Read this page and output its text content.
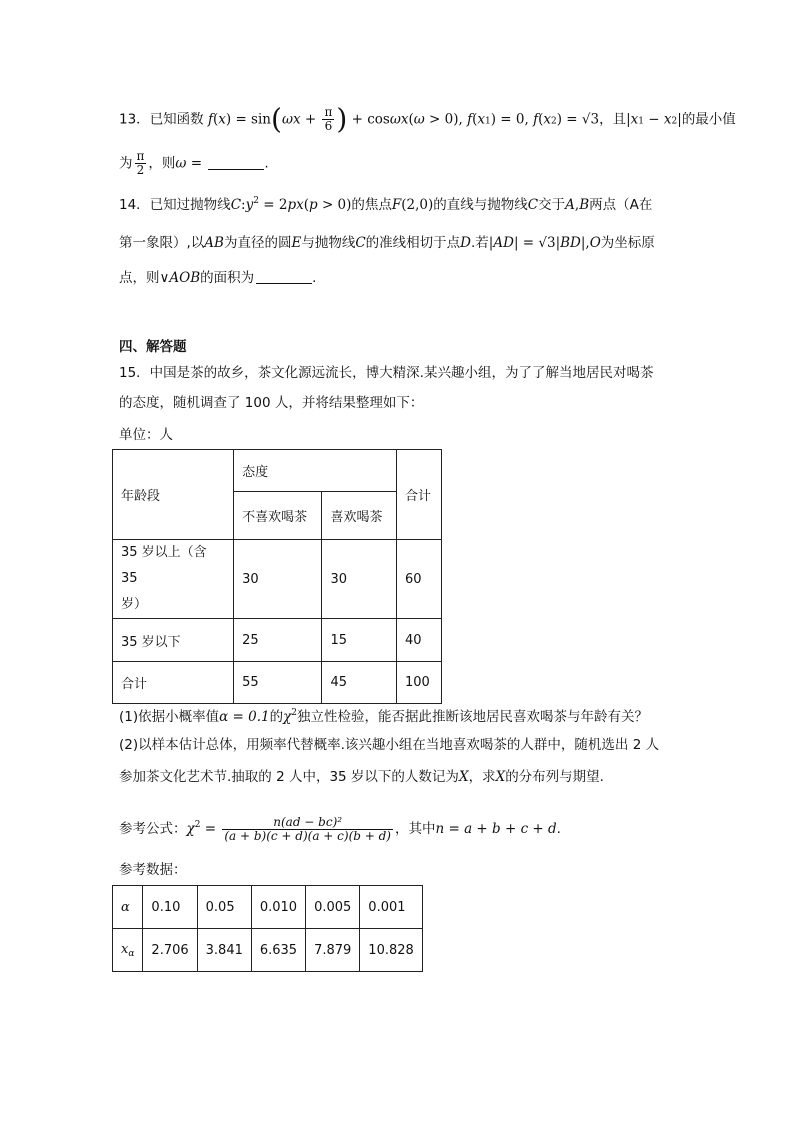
13．已知函数 $f(x) = \sin(\omega x + \frac{\pi}{6}$ ) + cosωx(ω > 0), f(x1) = 0, f(x2) = √3，且|x1 − x2|的最小值
为 $\frac{\pi}{2}$ ，则ω =	.
14．已知过抛物线$C:y^2 = 2px(p > 0)$的焦点F(2,0)的直线与抛物线C交于A,B两点（A在
第一象限）,以AB为直径的圆E与抛物线C的准线相切于点D.若|AD| = √3|BD|,O为坐标原
点，则∨AOB的面积为	.
四、解答题
15．中国是茶的故乡，茶文化源远流长，博大精深.某兴趣小组，为了了解当地居民对喝茶
的态度，随机调查了 100 人，并将结果整理如下：
单位：人
年龄段	态度		合计
	不喜欢喝茶	喜欢喝茶	
35 岁以上（含 35
岁）	30	30	60
35 岁以下	25	15	40
合计	55	45	100
(1)依据小概率值α = 0.1的$\chi^2$独立性检验，能否据此推断该地居民喜欢喝茶与年龄有关？
(2)以样本估计总体，用频率代替概率.该兴趣小组在当地喜欢喝茶的人群中，随机选出 2 人
参加茶文化艺术节.抽取的 2 人中，35 岁以下的人数记为X，求X的分布列与期望.
参考公式：$\chi^2 = \frac{\text{n(ad − bc)²}}{(a + b)(c + d)(a + c)(b + d)}$ ，其中n = a + b + c + d.
参考数据：
α	0.10	0.05	0.010	0.005	0.001
$x_\alpha$	2.706	3.841	6.635	7.879	10.828
